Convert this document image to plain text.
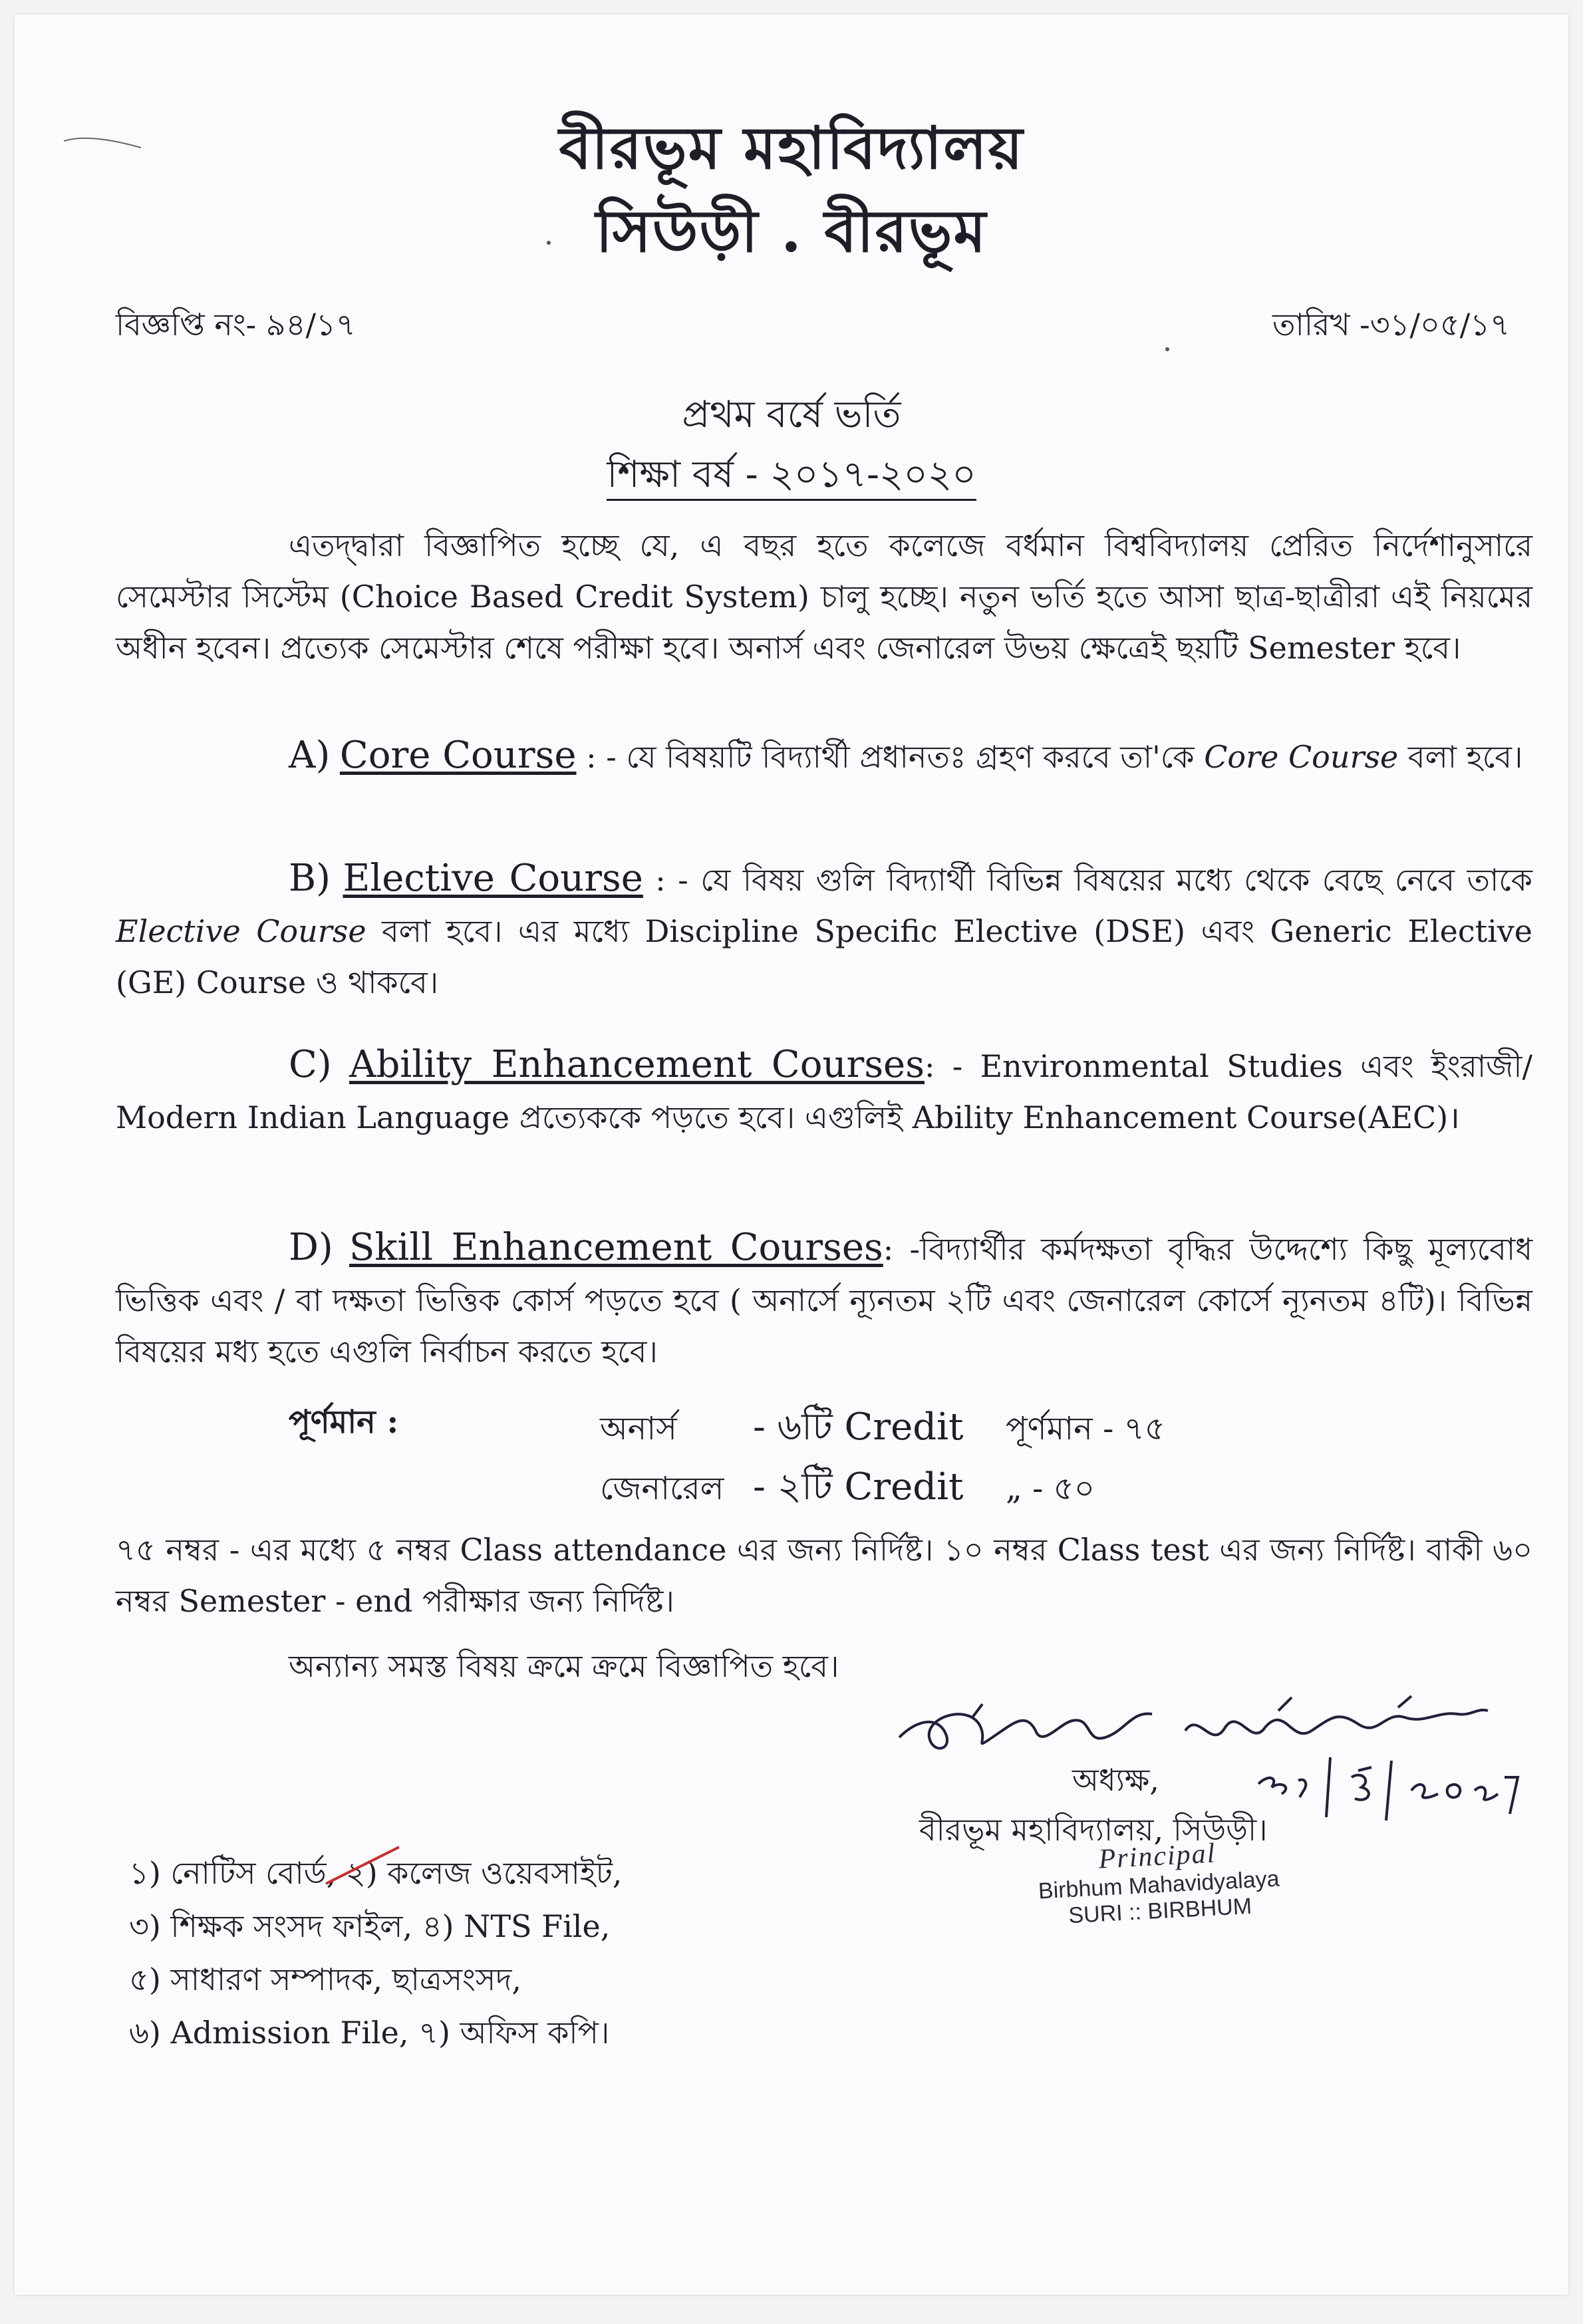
বীরভূম মহাবিদ্যালয়
সিউড়ী . বীরভূম
বিজ্ঞপ্তি নং- ৯৪/১৭	তারিখ -৩১/০৫/১৭
প্রথম বর্ষে ভর্তি
শিক্ষা বর্ষ - ২০১৭-২০২০

এতদ্দ্বারা বিজ্ঞাপিত হচ্ছে যে, এ বছর হতে কলেজে বর্ধমান বিশ্ববিদ্যালয় প্রেরিত নির্দেশানুসারে সেমেস্টার সিস্টেম (Choice Based Credit System) চালু হচ্ছে। নতুন ভর্তি হতে আসা ছাত্র-ছাত্রীরা এই নিয়মের অধীন হবেন। প্রত্যেক সেমেস্টার শেষে পরীক্ষা হবে। অনার্স এবং জেনারেল উভয় ক্ষেত্রেই ছয়টি Semester হবে।

A) Core Course : - যে বিষয়টি বিদ্যার্থী প্রধানতঃ গ্রহণ করবে তা'কে Core Course বলা হবে।

B) Elective Course : - যে বিষয় গুলি বিদ্যার্থী বিভিন্ন বিষয়ের মধ্যে থেকে বেছে নেবে তাকে Elective Course বলা হবে। এর মধ্যে Discipline Specific Elective (DSE) এবং Generic Elective (GE) Course ও থাকবে।

C) Ability Enhancement Courses: - Environmental Studies এবং ইংরাজী/ Modern Indian Language প্রত্যেককে পড়তে হবে। এগুলিই Ability Enhancement Course(AEC)।

D) Skill Enhancement Courses: -বিদ্যার্থীর কর্মদক্ষতা বৃদ্ধির উদ্দেশ্যে কিছু মূল্যবোধ ভিত্তিক এবং / বা দক্ষতা ভিত্তিক কোর্স পড়তে হবে ( অনার্সে ন্যূনতম ২টি এবং জেনারেল কোর্সে ন্যূনতম ৪টি)। বিভিন্ন বিষয়ের মধ্য হতে এগুলি নির্বাচন করতে হবে।

পূর্ণমান :	অনার্স - ৬টি Credit পূর্ণমান - ৭৫
জেনারেল - ২টি Credit „ - ৫০

৭৫ নম্বর - এর মধ্যে ৫ নম্বর Class attendance এর জন্য নির্দিষ্ট। ১০ নম্বর Class test এর জন্য নির্দিষ্ট। বাকী ৬০ নম্বর Semester - end পরীক্ষার জন্য নির্দিষ্ট।

অন্যান্য সমস্ত বিষয় ক্রমে ক্রমে বিজ্ঞাপিত হবে।

অধ্যক্ষ,
বীরভূম মহাবিদ্যালয়, সিউড়ী।
Principal
Birbhum Mahavidyalaya
SURI :: BIRBHUM
১) নোটিস বোর্ড, ২)
কলেজ ওয়েবসাইট,
৩) শিক্ষক সংসদ ফাইল, ৪) NTS File,
৫) সাধারণ সম্পাদক, ছাত্রসংসদ,
৬) Admission File, ৭) অফিস কপি।
